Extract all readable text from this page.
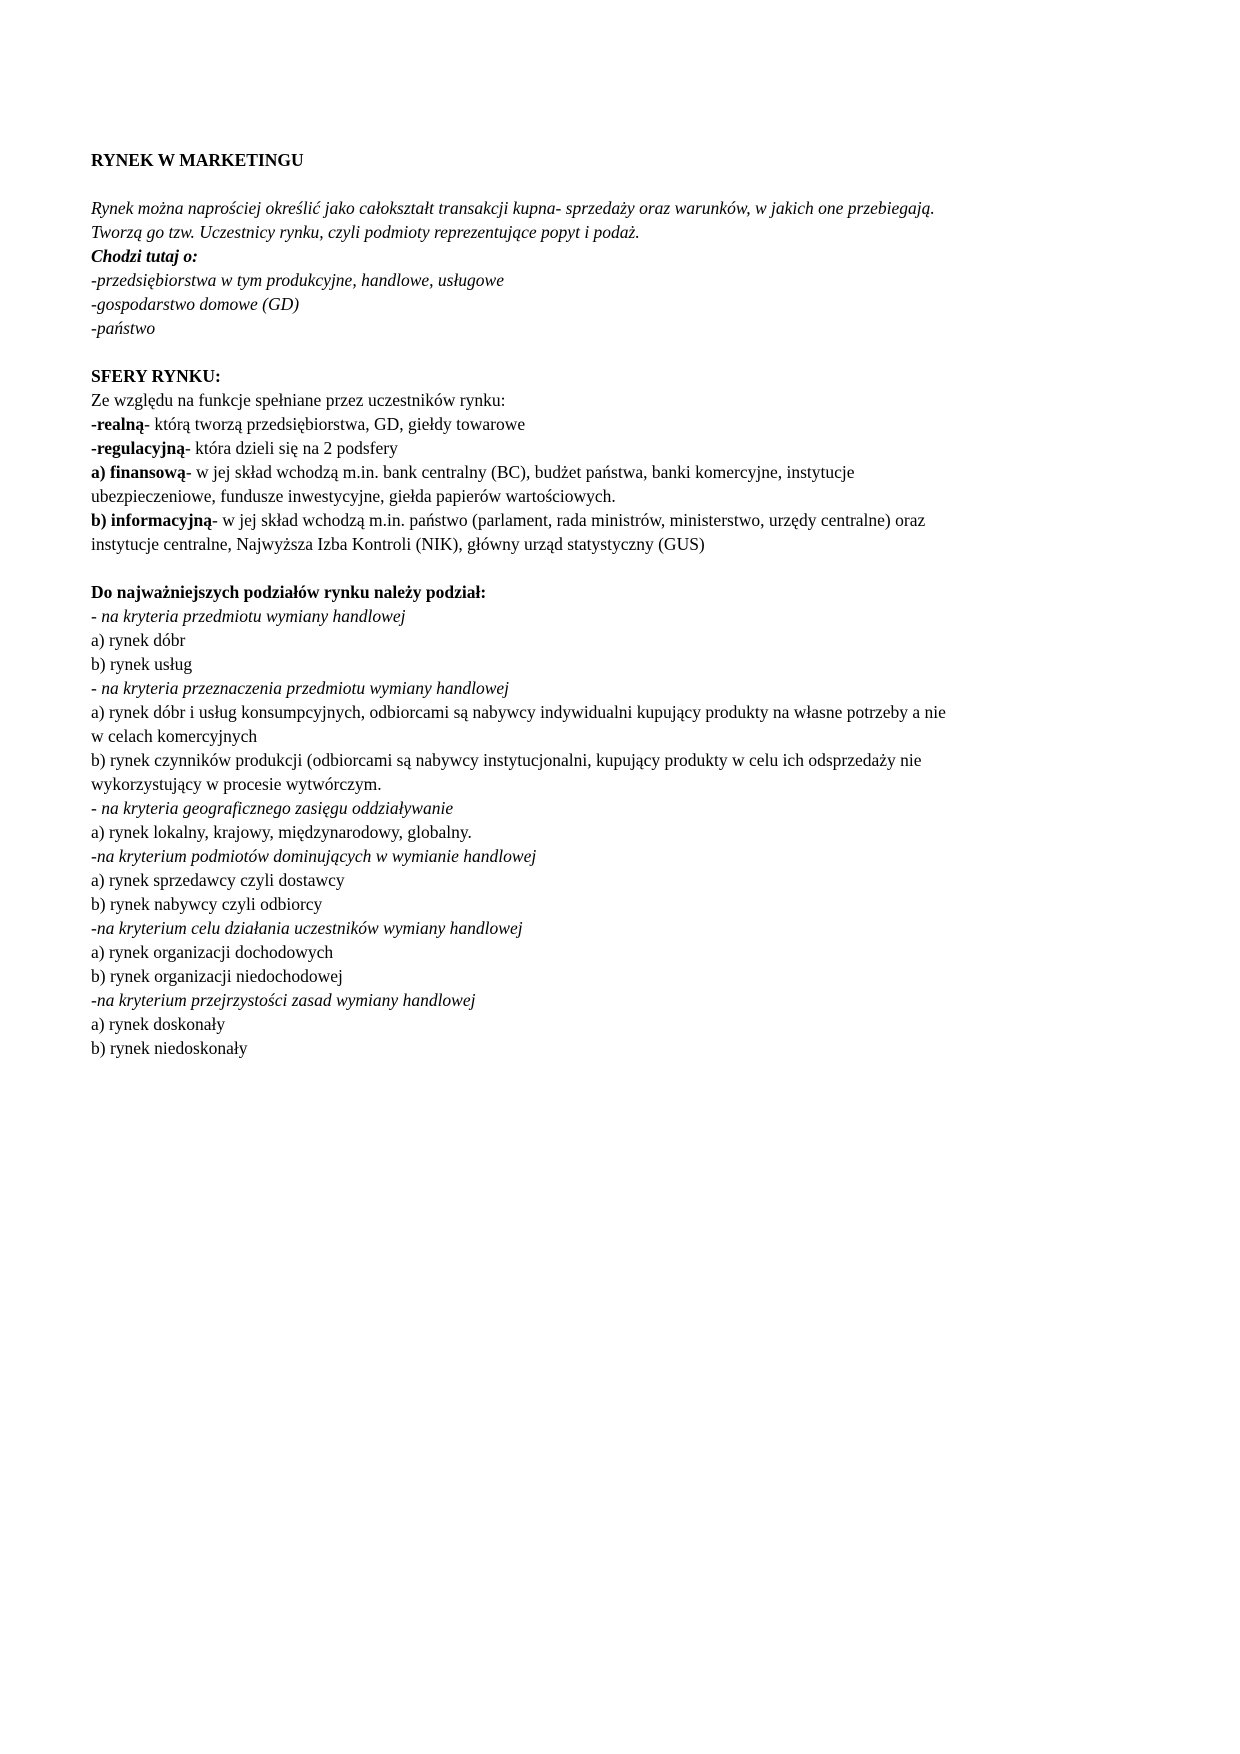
RYNEK W MARKETINGU
Rynek można naprościej określić jako całokształt transakcji kupna- sprzedaży oraz warunków, w jakich one przebiegają.
Tworzą go tzw. Uczestnicy rynku, czyli podmioty reprezentujące popyt i podaż.
Chodzi tutaj o:
-przedsiębiorstwa w tym produkcyjne, handlowe, usługowe
-gospodarstwo domowe (GD)
-państwo
SFERY RYNKU:
Ze względu na funkcje spełniane przez uczestników rynku:
-realną- którą tworzą przedsiębiorstwa, GD, giełdy towarowe
-regulacyjną- która dzieli się na 2 podsfery
a) finansową- w jej skład wchodzą m.in. bank centralny (BC), budżet państwa, banki komercyjne, instytucje
ubezpieczeniowe, fundusze inwestycyjne, giełda papierów wartościowych.
b) informacyjną- w jej skład wchodzą m.in. państwo (parlament, rada ministrów, ministerstwo, urzędy centralne) oraz
instytucje centralne, Najwyższa Izba Kontroli (NIK), główny urząd statystyczny (GUS)
Do najważniejszych podziałów rynku należy podział:
- na kryteria przedmiotu wymiany handlowej
a) rynek dóbr
b) rynek usług
- na kryteria przeznaczenia przedmiotu wymiany handlowej
a) rynek dóbr i usług konsumpcyjnych, odbiorcami są nabywcy indywidualni kupujący produkty na własne potrzeby a nie
w celach komercyjnych
b) rynek czynników produkcji (odbiorcami są nabywcy instytucjonalni, kupujący produkty w celu ich odsprzedaży nie
wykorzystujący w procesie wytwórczym.
- na kryteria geograficznego zasięgu oddziaływanie
a) rynek lokalny, krajowy, międzynarodowy, globalny.
-na kryterium podmiotów dominujących w wymianie handlowej
a) rynek sprzedawcy czyli dostawcy
b) rynek nabywcy czyli odbiorcy
-na kryterium celu działania uczestników wymiany handlowej
a) rynek organizacji dochodowych
b) rynek organizacji niedochodowej
-na kryterium przejrzystości zasad wymiany handlowej
a) rynek doskonały
b) rynek niedoskonały
